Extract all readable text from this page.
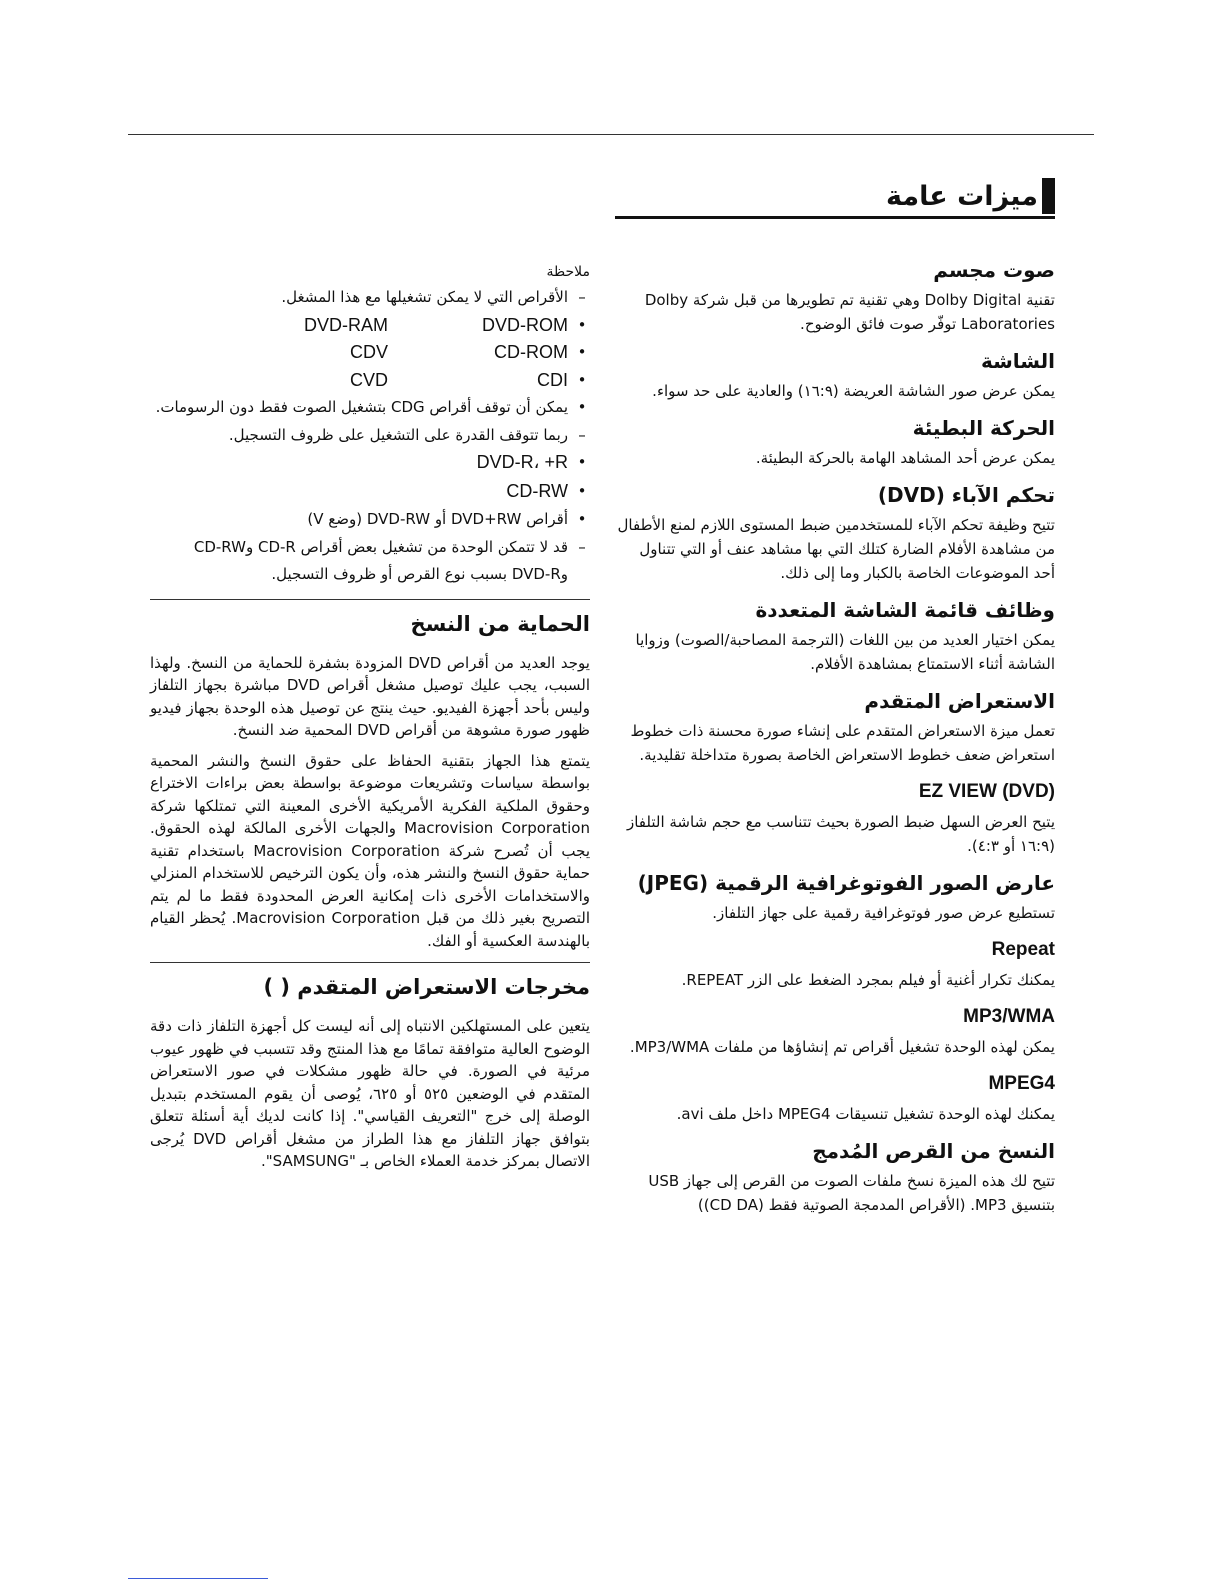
ميزات عامة
صوت مجسم
تقنية Dolby Digital وهي تقنية تم تطويرها من قبل شركة Dolby Laboratories توفّر صوت فائق الوضوح.
الشاشة
يمكن عرض صور الشاشة العريضة (١٦:٩) والعادية على حد سواء.
الحركة البطيئة
يمكن عرض أحد المشاهد الهامة بالحركة البطيئة.
تحكم الآباء (DVD)
تتيح وظيفة تحكم الآباء للمستخدمين ضبط المستوى اللازم لمنع الأطفال من مشاهدة الأفلام الضارة كتلك التي بها مشاهد عنف أو التي تتناول أحد الموضوعات الخاصة بالكبار وما إلى ذلك.
وظائف قائمة الشاشة المتعددة
يمكن اختيار العديد من بين اللغات (الترجمة المصاحبة/الصوت) وزوايا الشاشة أثناء الاستمتاع بمشاهدة الأفلام.
الاستعراض المتقدم
تعمل ميزة الاستعراض المتقدم على إنشاء صورة محسنة ذات خطوط استعراض ضعف خطوط الاستعراض الخاصة بصورة متداخلة تقليدية.
EZ VIEW (DVD)
يتيح العرض السهل ضبط الصورة بحيث تتناسب مع حجم شاشة التلفاز (١٦:٩ أو ٤:٣).
عارض الصور الفوتوغرافية الرقمية (JPEG)
تستطيع عرض صور فوتوغرافية رقمية على جهاز التلفاز.
Repeat
يمكنك تكرار أغنية أو فيلم بمجرد الضغط على الزر REPEAT.
MP3/WMA
يمكن لهذه الوحدة تشغيل أقراص تم إنشاؤها من ملفات MP3/WMA.
MPEG4
يمكنك لهذه الوحدة تشغيل تنسيقات MPEG4 داخل ملف avi.
النسخ من القرص المُدمج
تتيح لك هذه الميزة نسخ ملفات الصوت من القرص إلى جهاز USB بتنسيق MP3. (الأقراص المدمجة الصوتية فقط (CD DA))
ملاحظة
–
الأقراص التي لا يمكن تشغيلها مع هذا المشغل.
DVD-RAM	DVD-ROM •
CDV	CD-ROM •
CVD	CDI •
•
يمكن أن توقف أقراص CDG بتشغيل الصوت فقط دون الرسومات.
–
ربما تتوقف القدرة على التشغيل على ظروف التسجيل.
•
DVD-R، +R
•
CD-RW
•
أقراص DVD+RW أو DVD-RW (وضع V)
–
قد لا تتمكن الوحدة من تشغيل بعض أقراص CD-R وCD-RW وDVD-R بسبب نوع القرص أو ظروف التسجيل.
الحماية من النسخ

يوجد العديد من أقراص DVD المزودة بشفرة للحماية من النسخ. ولهذا السبب، يجب عليك توصيل مشغل أقراص DVD مباشرة بجهاز التلفاز وليس بأحد أجهزة الفيديو. حيث ينتج عن توصيل هذه الوحدة بجهاز فيديو ظهور صورة مشوهة من أقراص DVD المحمية ضد النسخ.

يتمتع هذا الجهاز بتقنية الحفاظ على حقوق النسخ والنشر المحمية بواسطة سياسات وتشريعات موضوعة بواسطة بعض براءات الاختراع وحقوق الملكية الفكرية الأمريكية الأخرى المعينة التي تمتلكها شركة Macrovision Corporation والجهات الأخرى المالكة لهذه الحقوق. يجب أن تُصرح شركة Macrovision Corporation باستخدام تقنية حماية حقوق النسخ والنشر هذه، وأن يكون الترخيص للاستخدام المنزلي والاستخدامات الأخرى ذات إمكانية العرض المحدودة فقط ما لم يتم التصريح بغير ذلك من قبل Macrovision Corporation. يُحظر القيام بالهندسة العكسية أو الفك.

مخرجات الاستعراض المتقدم ( )

يتعين على المستهلكين الانتباه إلى أنه ليست كل أجهزة التلفاز ذات دقة الوضوح العالية متوافقة تمامًا مع هذا المنتج وقد تتسبب في ظهور عيوب مرئية في الصورة. في حالة ظهور مشكلات في صور الاستعراض المتقدم في الوضعين ٥٢٥ أو ٦٢٥، يُوصى أن يقوم المستخدم بتبديل الوصلة إلى خرج "التعريف القياسي". إذا كانت لديك أية أسئلة تتعلق بتوافق جهاز التلفاز مع هذا الطراز من مشغل أقراص DVD يُرجى الاتصال بمركز خدمة العملاء الخاص بـ "SAMSUNG".
